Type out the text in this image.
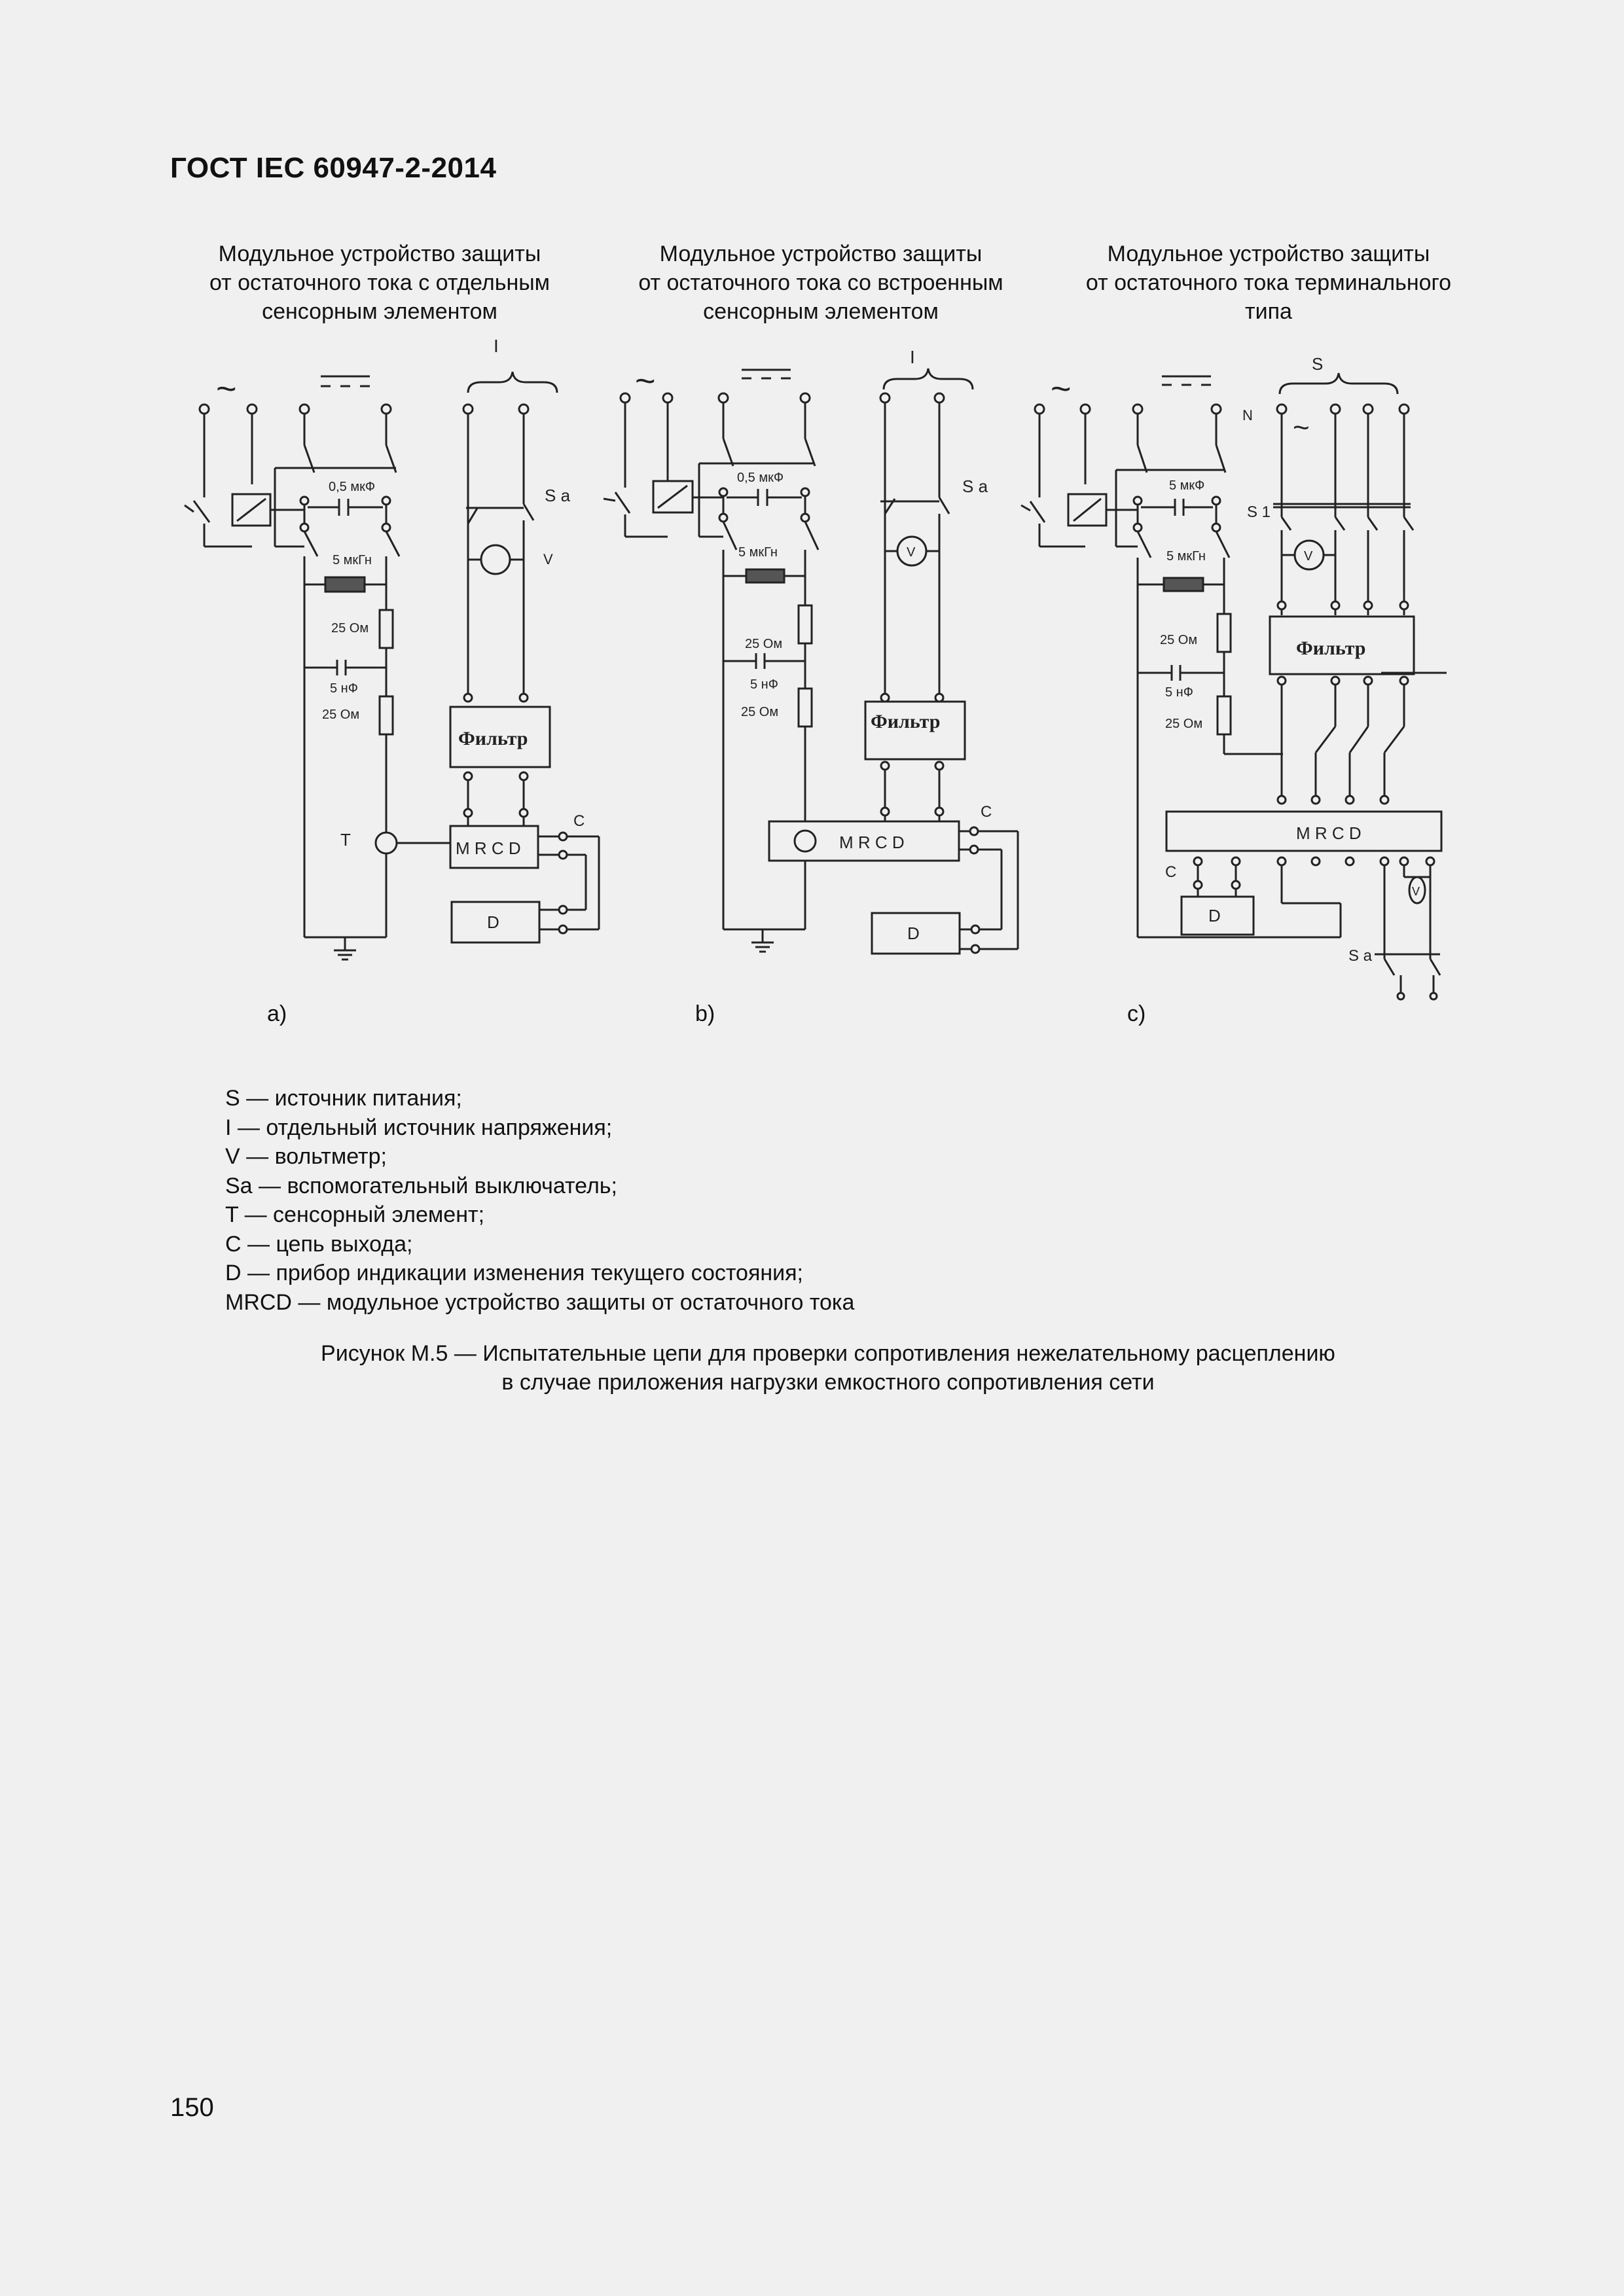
ГОСТ IEC 60947-2-2014
Модульное устройство защиты
от остаточного тока с отдельным
сенсорным элементом
Модульное устройство защиты
от остаточного тока со встроенным
сенсорным элементом
Модульное устройство защиты
от остаточного тока терминального
типа
~
I
0,5 мкФ
5 мкГн
25 Ом
5 нФ
25 Ом
T
S a
V
Фильтр
M R C D
C
D
~
I
0,5 мкФ
5 мкГн
25 Ом
5 нФ
25 Ом
S a
V
Фильтр
M R C D
C
D
~
S
~
N
5 мкФ
5 мкГн
25 Ом
5 нФ
25 Ом
S 1
V
Фильтр
M R C D
C
D
V
S a
a)	b)	c)
S — источник питания;
I — отдельный источник напряжения;
V — вольтметр;
Sa — вспомогательный выключатель;
T — сенсорный элемент;
C — цепь выхода;
D — прибор индикации изменения текущего состояния;
MRCD — модульное устройство защиты от остаточного тока
Рисунок M.5 — Испытательные цепи для проверки сопротивления нежелательному расцеплению
в случае приложения нагрузки емкостного сопротивления сети
150
